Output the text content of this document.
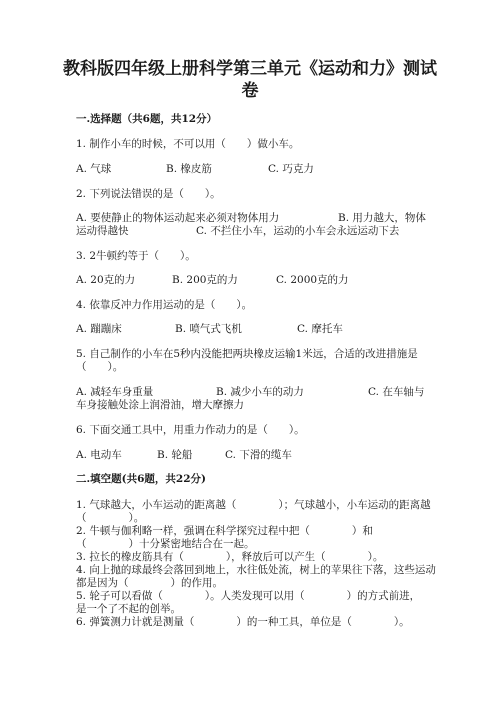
教科版四年级上册科学第三单元《运动和力》测试
卷
一.选择题（共6题，共12分）
1. 制作小车的时候，不可以用（　　）做小车。
A. 气球	B. 橡皮筋	C. 巧克力
2. 下列说法错误的是（　　）。
A. 要使静止的物体运动起来必须对物体用力	B. 用力越大，物体
运动得越快	C. 不拦住小车，运动的小车会永远运动下去
3. 2牛顿约等于（　　）。
A. 20克的力	B. 200克的力	C. 2000克的力
4. 依靠反冲力作用运动的是（　　）。
A. 蹦蹦床	B. 喷气式飞机	C. 摩托车
5. 自己制作的小车在5秒内没能把两块橡皮运输1米远，合适的改进措施是
（　　）。
A. 减轻车身重量	B. 减少小车的动力	C. 在车轴与
车身接触处涂上润滑油，增大摩擦力
6. 下面交通工具中，用重力作动力的是（　　）。
A. 电动车	B. 轮船	C. 下滑的缆车
二.填空题(共6题，共22分)
1. 气球越大，小车运动的距离越（　　　　）；气球越小，小车运动的距离越
（　　　　）。
2. 牛顿与伽利略一样，强调在科学探究过程中把（　　　　）和
（　　　　）十分紧密地结合在一起。
3. 拉长的橡皮筋具有（　　　　），释放后可以产生（　　　　）。
4. 向上抛的球最终会落回到地上，水往低处流，树上的苹果往下落，这些运动
都是因为（　　　　）的作用。
5. 轮子可以看做（　　　　）。人类发现可以用（　　　　）的方式前进，
是一个了不起的创举。
6. 弹簧测力计就是测量（　　　　）的一种工具，单位是（　　　　）。
